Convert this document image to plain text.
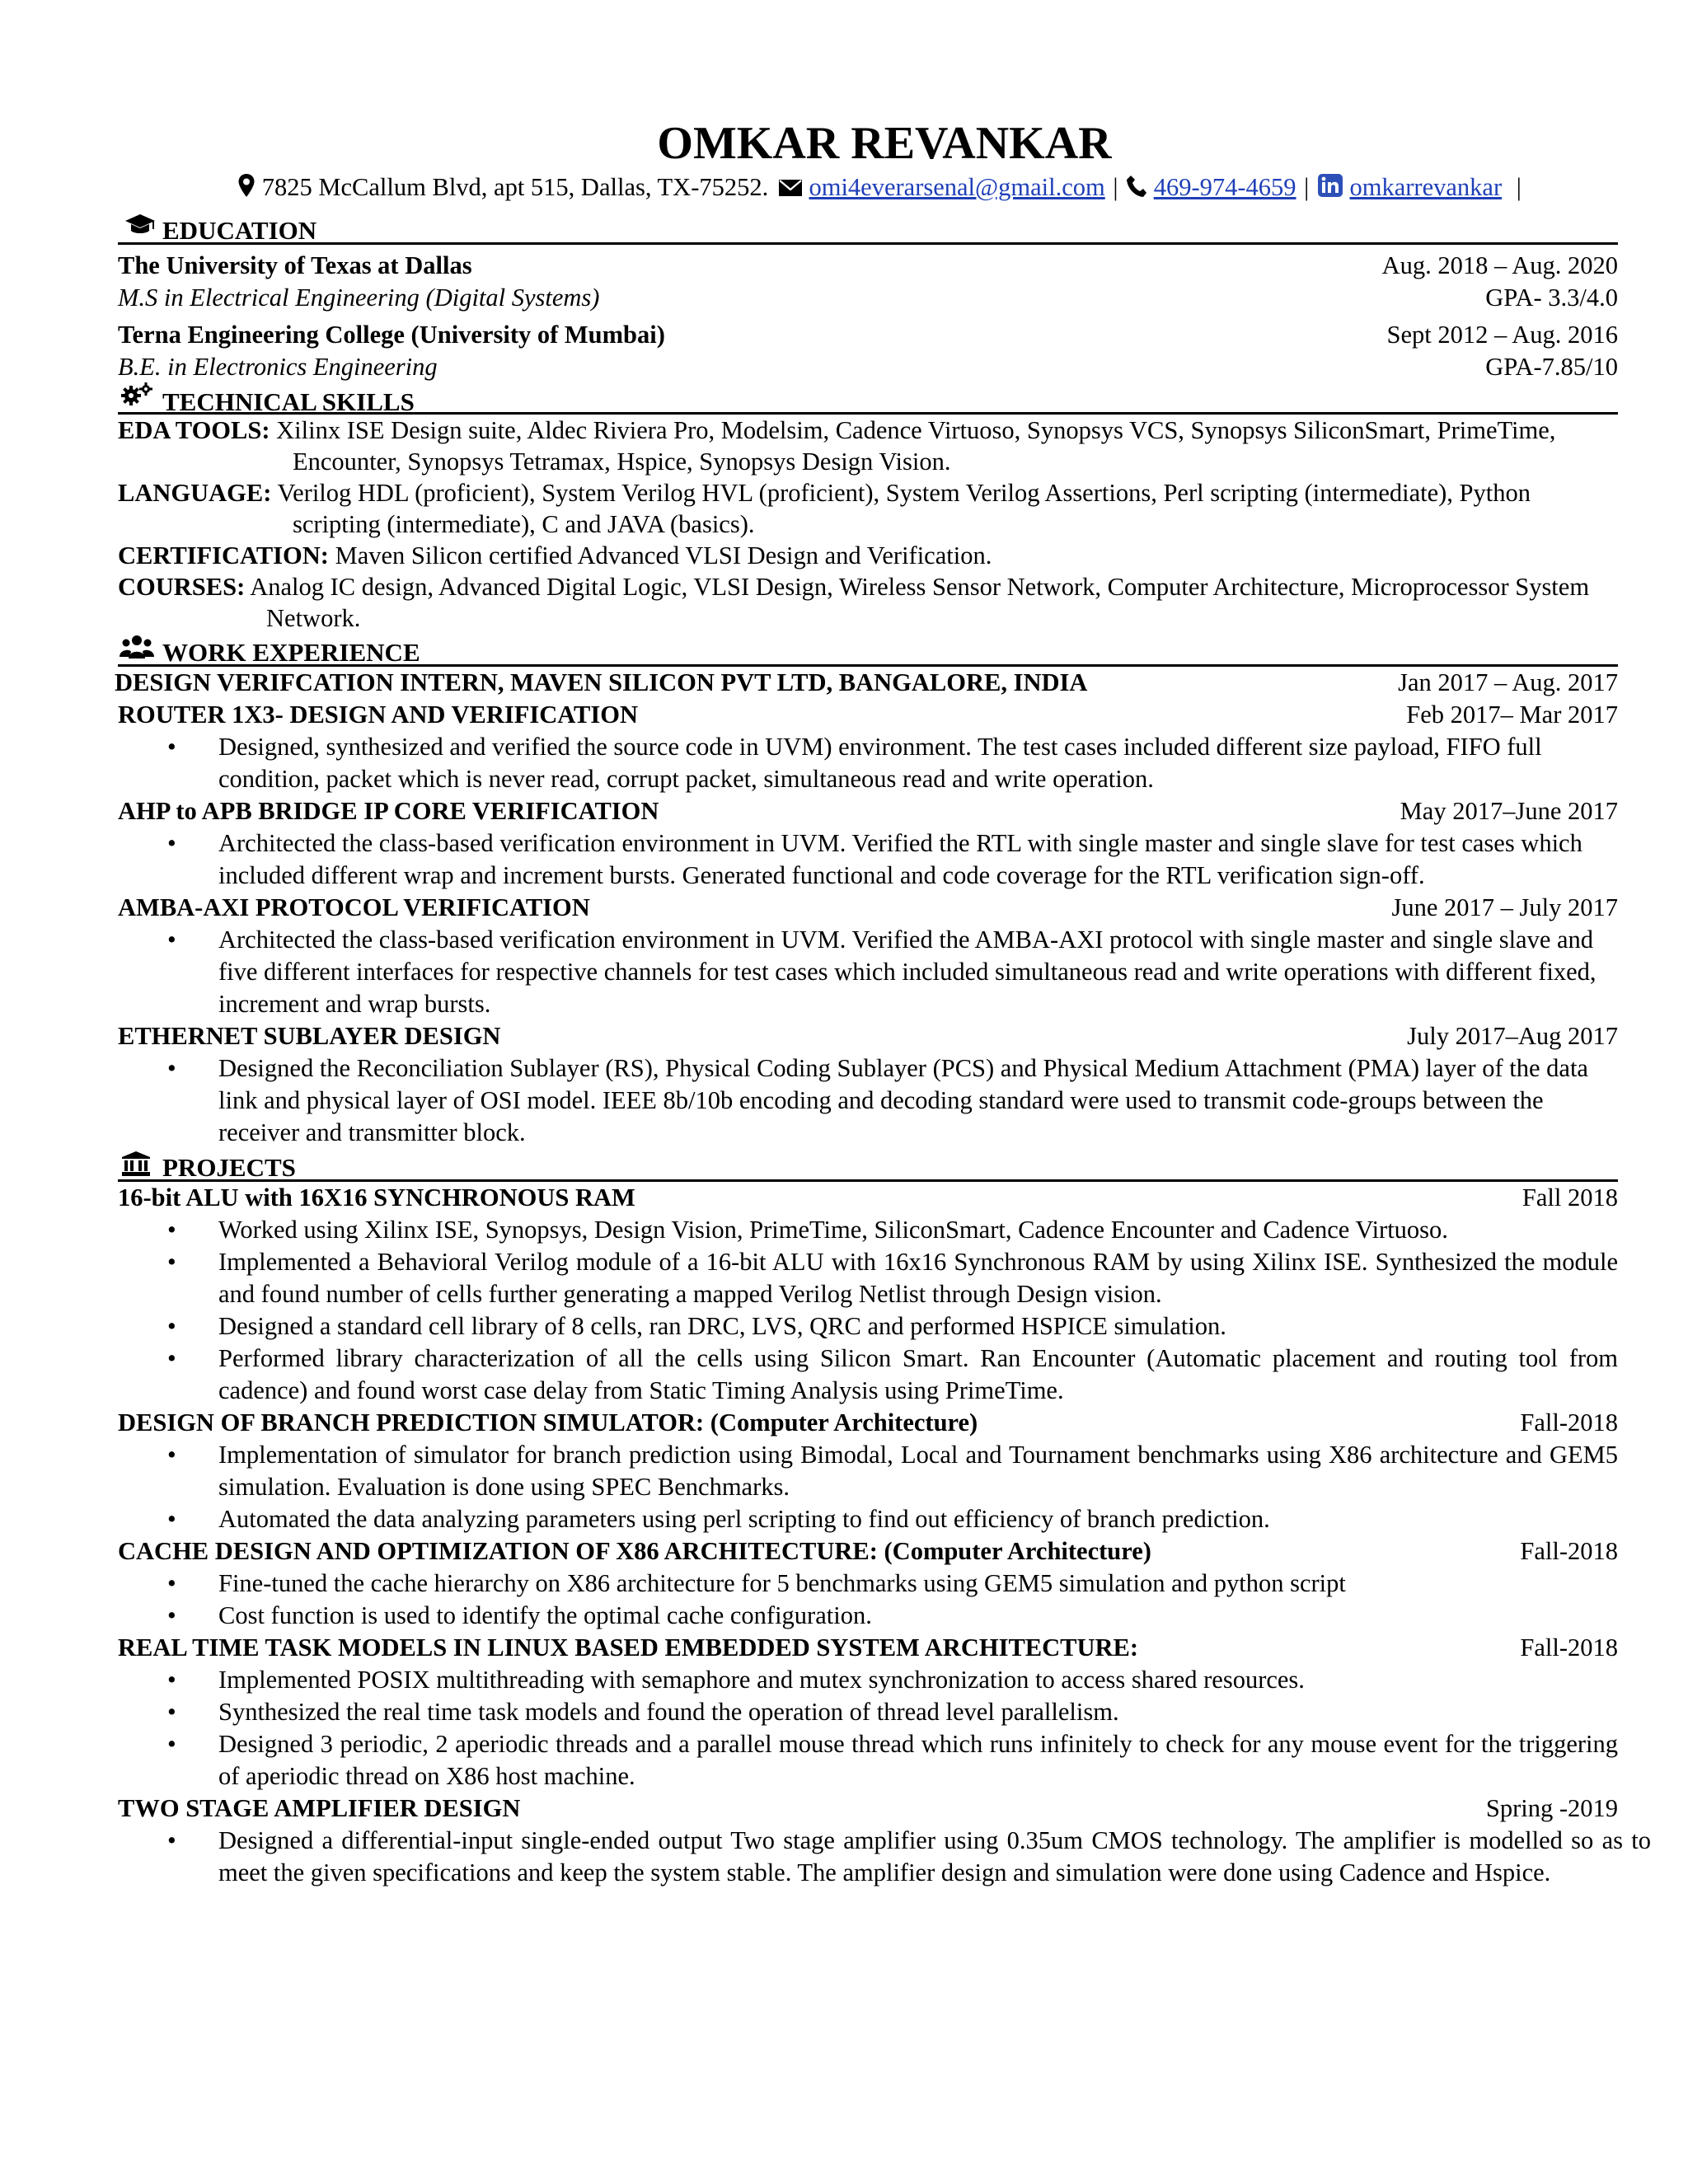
OMKAR REVANKAR
7825 McCallum Blvd, apt 515, Dallas, TX-75252. omi4everarsenal@gmail.com | 469-974-4659 | omkarrevankar |
EDUCATION
The University of Texas at Dallas	Aug. 2018 – Aug. 2020
M.S in Electrical Engineering (Digital Systems)	GPA- 3.3/4.0
Terna Engineering College (University of Mumbai)	Sept 2012 – Aug. 2016
B.E. in Electronics Engineering	GPA-7.85/10
TECHNICAL SKILLS
EDA TOOLS: Xilinx ISE Design suite, Aldec Riviera Pro, Modelsim, Cadence Virtuoso, Synopsys VCS, Synopsys SiliconSmart, PrimeTime, Encounter, Synopsys Tetramax, Hspice, Synopsys Design Vision.
LANGUAGE: Verilog HDL (proficient), System Verilog HVL (proficient), System Verilog Assertions, Perl scripting (intermediate), Python scripting (intermediate), C and JAVA (basics).
CERTIFICATION: Maven Silicon certified Advanced VLSI Design and Verification.
COURSES: Analog IC design, Advanced Digital Logic, VLSI Design, Wireless Sensor Network, Computer Architecture, Microprocessor System Network.
WORK EXPERIENCE
DESIGN VERIFCATION INTERN, MAVEN SILICON PVT LTD, BANGALORE, INDIA	Jan 2017 – Aug. 2017
ROUTER 1X3- DESIGN AND VERIFICATION	Feb 2017– Mar 2017
• Designed, synthesized and verified the source code in UVM) environment. The test cases included different size payload, FIFO full condition, packet which is never read, corrupt packet, simultaneous read and write operation.
AHP to APB BRIDGE IP CORE VERIFICATION	May 2017–June 2017
• Architected the class-based verification environment in UVM. Verified the RTL with single master and single slave for test cases which included different wrap and increment bursts. Generated functional and code coverage for the RTL verification sign-off.
AMBA-AXI PROTOCOL VERIFICATION	June 2017 – July 2017
• Architected the class-based verification environment in UVM. Verified the AMBA-AXI protocol with single master and single slave and five different interfaces for respective channels for test cases which included simultaneous read and write operations with different fixed, increment and wrap bursts.
ETHERNET SUBLAYER DESIGN	July 2017–Aug 2017
• Designed the Reconciliation Sublayer (RS), Physical Coding Sublayer (PCS) and Physical Medium Attachment (PMA) layer of the data link and physical layer of OSI model. IEEE 8b/10b encoding and decoding standard were used to transmit code-groups between the receiver and transmitter block.
PROJECTS
16-bit ALU with 16X16 SYNCHRONOUS RAM	Fall 2018
• Worked using Xilinx ISE, Synopsys, Design Vision, PrimeTime, SiliconSmart, Cadence Encounter and Cadence Virtuoso.
• Implemented a Behavioral Verilog module of a 16-bit ALU with 16x16 Synchronous RAM by using Xilinx ISE. Synthesized the module and found number of cells further generating a mapped Verilog Netlist through Design vision.
• Designed a standard cell library of 8 cells, ran DRC, LVS, QRC and performed HSPICE simulation.
• Performed library characterization of all the cells using Silicon Smart. Ran Encounter (Automatic placement and routing tool from cadence) and found worst case delay from Static Timing Analysis using PrimeTime.
DESIGN OF BRANCH PREDICTION SIMULATOR: (Computer Architecture)	Fall-2018
• Implementation of simulator for branch prediction using Bimodal, Local and Tournament benchmarks using X86 architecture and GEM5 simulation. Evaluation is done using SPEC Benchmarks.
• Automated the data analyzing parameters using perl scripting to find out efficiency of branch prediction.
CACHE DESIGN AND OPTIMIZATION OF X86 ARCHITECTURE: (Computer Architecture)	Fall-2018
• Fine-tuned the cache hierarchy on X86 architecture for 5 benchmarks using GEM5 simulation and python script
• Cost function is used to identify the optimal cache configuration.
REAL TIME TASK MODELS IN LINUX BASED EMBEDDED SYSTEM ARCHITECTURE:	Fall-2018
• Implemented POSIX multithreading with semaphore and mutex synchronization to access shared resources.
• Synthesized the real time task models and found the operation of thread level parallelism.
• Designed 3 periodic, 2 aperiodic threads and a parallel mouse thread which runs infinitely to check for any mouse event for the triggering of aperiodic thread on X86 host machine.
TWO STAGE AMPLIFIER DESIGN	Spring -2019
• Designed a differential-input single-ended output Two stage amplifier using 0.35um CMOS technology. The amplifier is modelled so as to meet the given specifications and keep the system stable. The amplifier design and simulation were done using Cadence and Hspice.
